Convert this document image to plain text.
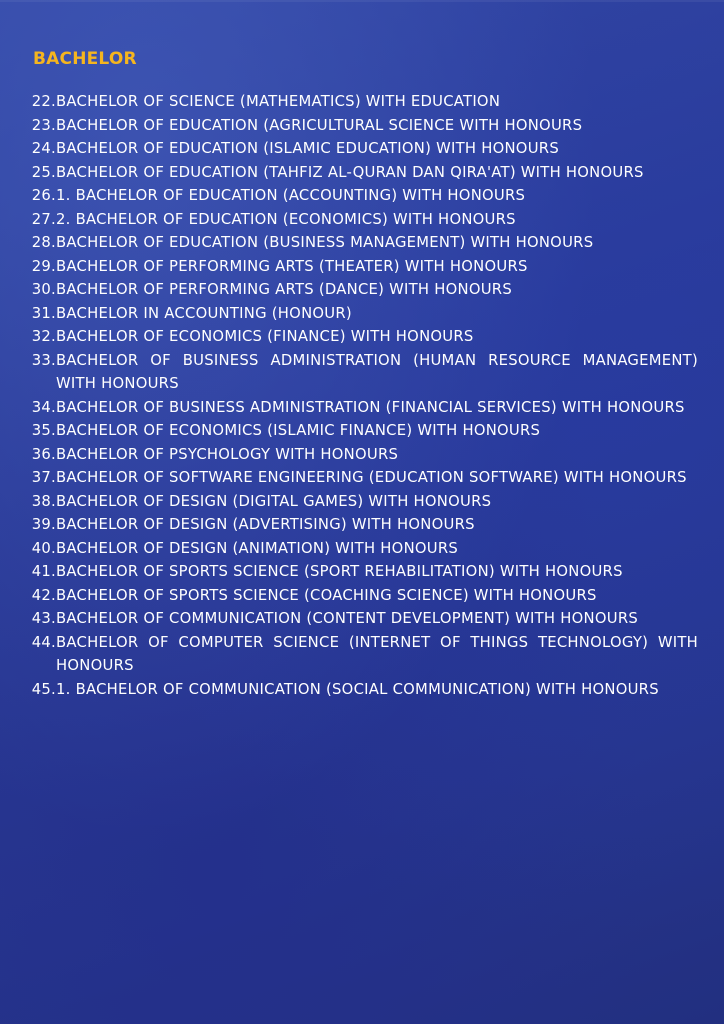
BACHELOR
22. BACHELOR OF SCIENCE (MATHEMATICS) WITH EDUCATION
23. BACHELOR OF EDUCATION (AGRICULTURAL SCIENCE WITH HONOURS
24. BACHELOR OF EDUCATION (ISLAMIC EDUCATION) WITH HONOURS
25. BACHELOR OF EDUCATION (TAHFIZ AL-QURAN DAN QIRA'AT) WITH HONOURS
26. 1. BACHELOR OF EDUCATION (ACCOUNTING) WITH HONOURS
27. 2. BACHELOR OF EDUCATION (ECONOMICS) WITH HONOURS
28. BACHELOR OF EDUCATION (BUSINESS MANAGEMENT) WITH HONOURS
29. BACHELOR OF PERFORMING ARTS (THEATER) WITH HONOURS
30. BACHELOR OF PERFORMING ARTS (DANCE) WITH HONOURS
31. BACHELOR IN ACCOUNTING (HONOUR)
32. BACHELOR OF ECONOMICS (FINANCE) WITH HONOURS
33. BACHELOR OF BUSINESS ADMINISTRATION (HUMAN RESOURCE MANAGEMENT) WITH HONOURS
34. BACHELOR OF BUSINESS ADMINISTRATION (FINANCIAL SERVICES) WITH HONOURS
35. BACHELOR OF ECONOMICS (ISLAMIC FINANCE) WITH HONOURS
36. BACHELOR OF PSYCHOLOGY WITH HONOURS
37. BACHELOR OF SOFTWARE ENGINEERING (EDUCATION SOFTWARE) WITH HONOURS
38. BACHELOR OF DESIGN (DIGITAL GAMES) WITH HONOURS
39. BACHELOR OF DESIGN (ADVERTISING) WITH HONOURS
40. BACHELOR OF DESIGN (ANIMATION) WITH HONOURS
41. BACHELOR OF SPORTS SCIENCE (SPORT REHABILITATION) WITH HONOURS
42. BACHELOR OF SPORTS SCIENCE (COACHING SCIENCE) WITH HONOURS
43. BACHELOR OF COMMUNICATION (CONTENT DEVELOPMENT) WITH HONOURS
44. BACHELOR OF COMPUTER SCIENCE (INTERNET OF THINGS TECHNOLOGY) WITH HONOURS
45. 1. BACHELOR OF COMMUNICATION (SOCIAL COMMUNICATION) WITH HONOURS
